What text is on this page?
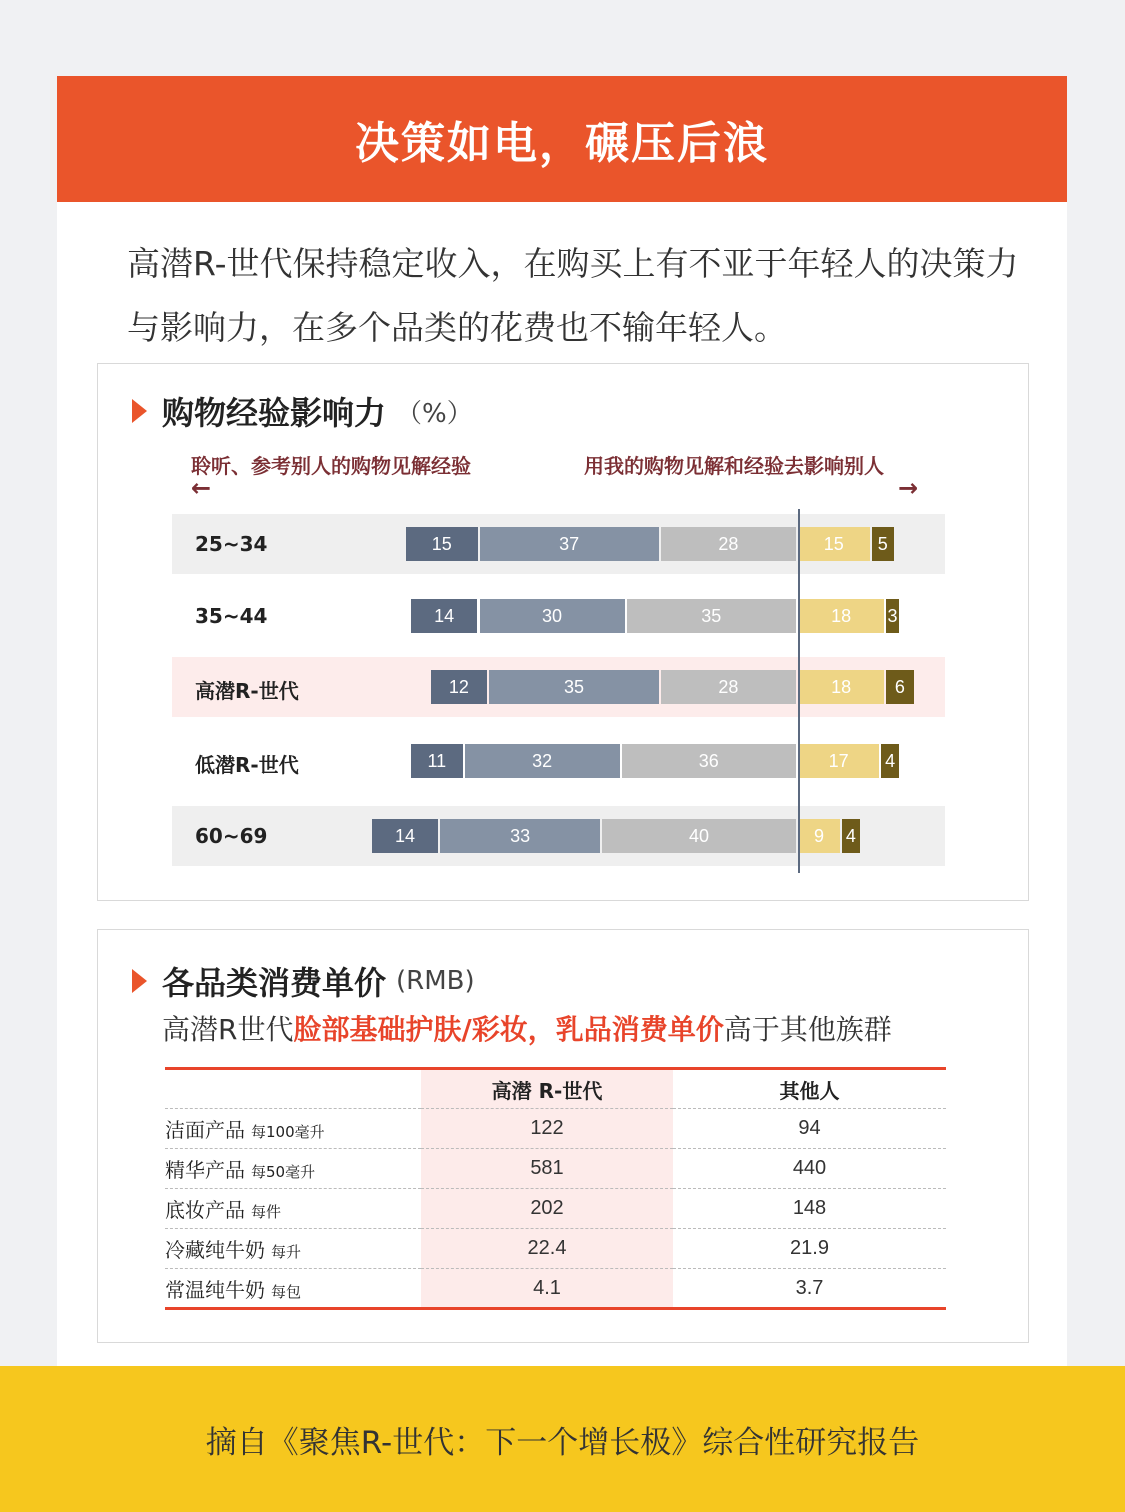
决策如电，碾压后浪
高潜R-世代保持稳定收入，在购买上有不亚于年轻人的决策力与影响力，在多个品类的花费也不输年轻人。
购物经验影响力 （%）
聆听、参考别人的购物见解经验
←
用我的购物见解和经验去影响别人
→
25~34	15	37	28	15	5
35~44	14	30	35	18	3
高潜R-世代	12	35	28	18	6
低潜R-世代	11	32	36	17	4
60~69	14	33	40	9	4
各品类消费单价 (RMB)
高潜R世代脸部基础护肤/彩妆，乳品消费单价高于其他族群
	高潜 R-世代	其他人
洁面产品 每100毫升	122	94
精华产品 每50毫升	581	440
底妆产品 每件	202	148
冷藏纯牛奶 每升	22.4	21.9
常温纯牛奶 每包	4.1	3.7
摘自《聚焦R-世代：下一个增长极》综合性研究报告
